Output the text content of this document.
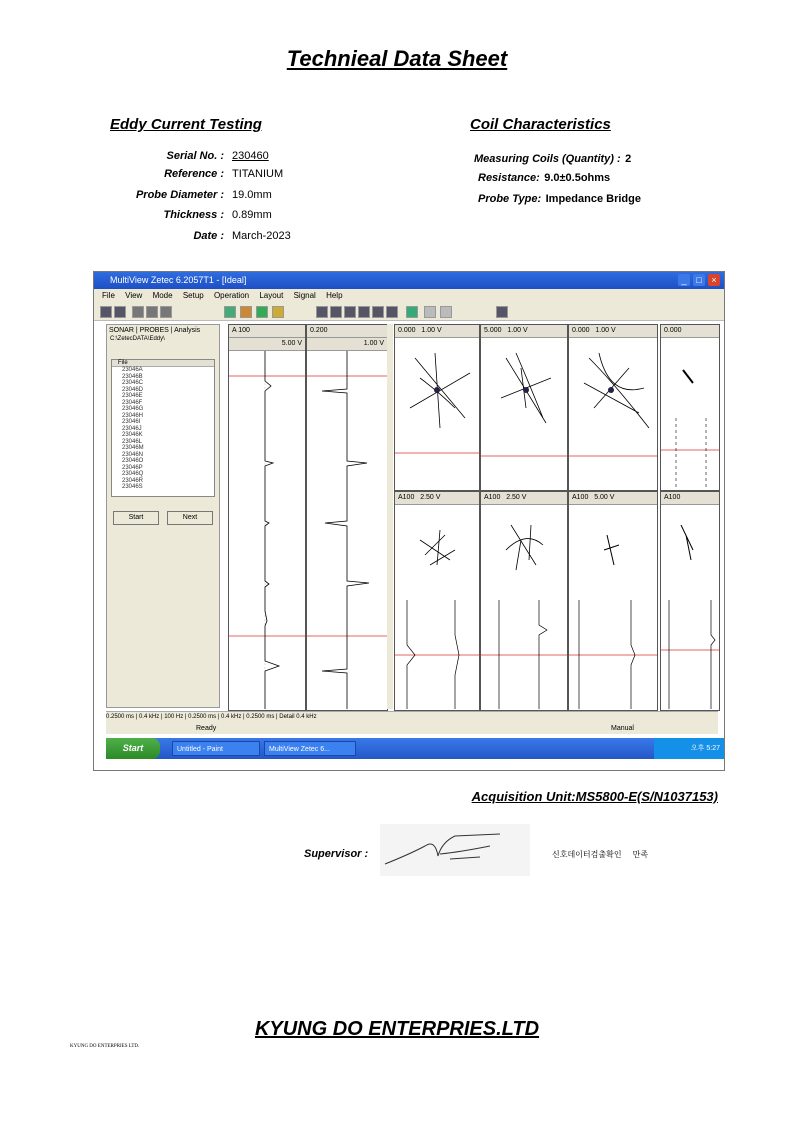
Technieal Data Sheet
Eddy Current Testing
Serial No. : 230460
Reference : TITANIUM
Probe Diameter : 19.0mm
Thickness : 0.89mm
Date : March-2023
Coil Characteristics
Measuring Coils (Quantity) : 2
Resistance: 9.0±0.5ohms
Probe Type: Impedance Bridge
MultiView Zetec 6.2057T1 - [Ideal]	_	□	×
File View Mode Setup Operation Layout Signal Help
SONAR | PROBES | Analysis
C:\ZetecDATA\Eddy\
File
23046A
23046B
23046C
23046D
23046E
23046F
23046G
23046H
23046I
23046J
23046K
23046L
23046M
23046N
23046O
23046P
23046Q
23046R
23046S
Start	Next
A 100
5.00 V
0.200
1.00 V
0.000 1.00 V	5.000 1.00 V	0.000 1.00 V	0.000
A100 2.50 V	A100 2.50 V	A100 5.00 V	A100
0.2500 ms | 0.4 kHz | 100 Hz | 0.2500 ms | 0.4 kHz | 0.2500 ms | Detail 0.4 kHz
Ready	Manual
Start	Untitled - Paint	MultiView Zetec 6...	오후 5:27
Acquisition Unit:MS5800-E(S/N1037153)
Supervisor :	신호데이터검출확인     만족
KYUNG DO ENTERPRIES.LTD
KYUNG DO ENTERPRIES LTD.
